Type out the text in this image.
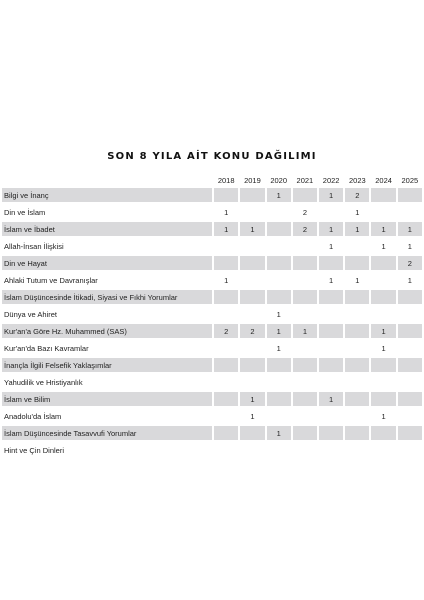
SON 8 YILA AİT KONU DAĞILIMI
	2018	2019	2020	2021	2022	2023	2024	2025
Bilgi ve İnanç			1		1	2		
Din ve İslam	1			2		1		
İslam ve İbadet	1	1		2	1	1	1	1
Allah-İnsan İlişkisi					1		1	1
Din ve Hayat								2
Ahlaki Tutum ve Davranışlar	1				1	1		1
İslam Düşüncesinde İtikadi, Siyasi ve Fıkhi Yorumlar								
Dünya ve Ahiret			1					
Kur'an'a Göre Hz. Muhammed (SAS)	2	2	1	1			1	
Kur'an'da Bazı Kavramlar			1				1	
İnançla İlgili Felsefik Yaklaşımlar								
Yahudilik ve Hristiyanlık								
İslam ve Bilim		1			1			
Anadolu'da İslam		1					1	
İslam Düşüncesinde Tasavvufi Yorumlar			1					
Hint ve Çin Dinleri								
